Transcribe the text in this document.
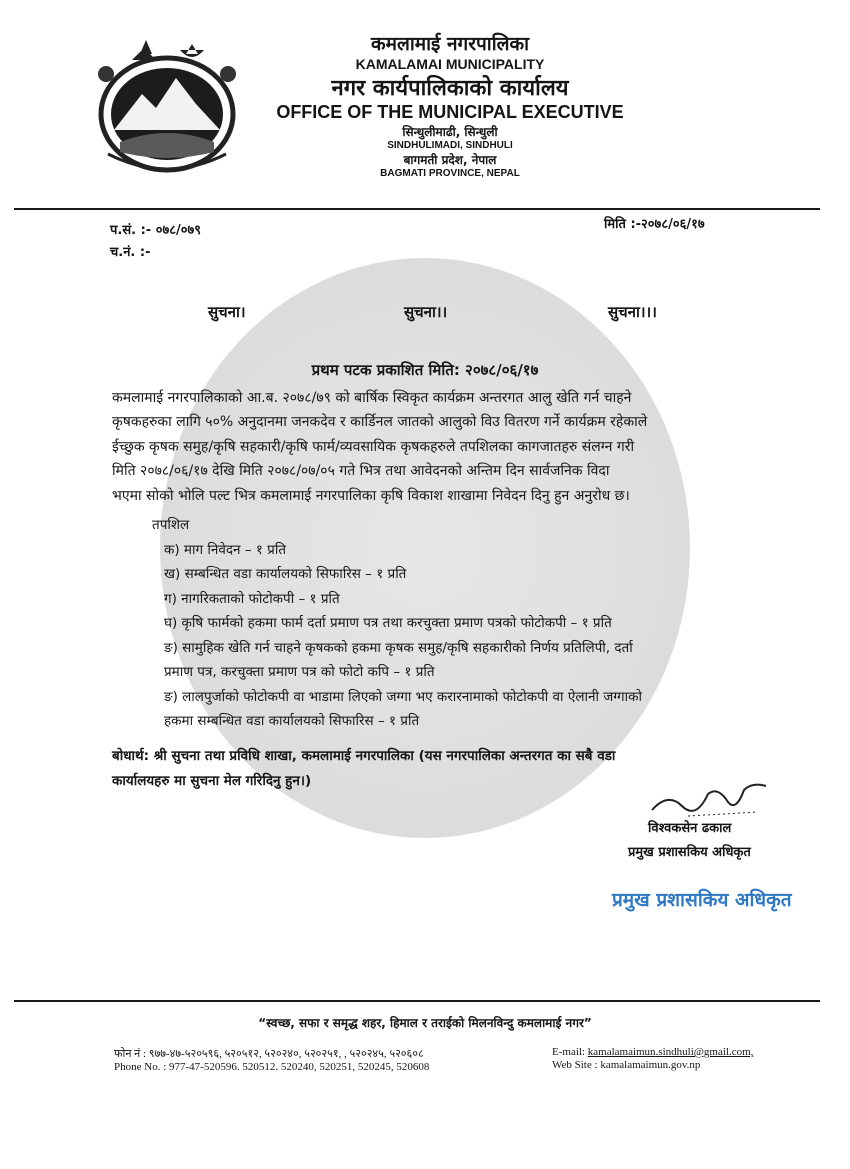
कमलामाई नगरपालिका
KAMALAMAI MUNICIPALITY
नगर कार्यपालिकाको कार्यालय
OFFICE OF THE MUNICIPAL EXECUTIVE
सिन्धुलीमाढी, सिन्धुली
SINDHULIMADI, SINDHULI
बागमती प्रदेश, नेपाल
BAGMATI PROVINCE, NEPAL
प.सं. :- ०७८/०७९
च.नं. :-
मिति :-२०७८/०६/१७
सुचना।	सुचना।।	सुचना।।।
प्रथम पटक प्रकाशित मिति: २०७८/०६/१७
कमलामाई नगरपालिकाको आ.ब. २०७८/७९ को बार्षिक स्विकृत कार्यक्रम अन्तरगत आलु खेति गर्न चाहने
कृषकहरुका लागि ५०% अनुदानमा जनकदेव र कार्डिनल जातको आलुको विउ वितरण गर्ने कार्यक्रम रहेकाले
ईच्छुक कृषक समुह/कृषि सहकारी/कृषि फार्म/व्यवसायिक कृषकहरुले तपशिलका कागजातहरु संलग्न गरी
मिति २०७८/०६/१७ देखि मिति २०७८/०७/०५ गते भित्र तथा आवेदनको अन्तिम दिन सार्वजनिक विदा
भएमा सोको भोलि पल्ट भित्र कमलामाई नगरपालिका कृषि विकाश शाखामा निवेदन दिनु हुन अनुरोध छ।
तपशिल
क) माग निवेदन – १ प्रति
ख) सम्बन्धित वडा कार्यालयको सिफारिस – १ प्रति
ग) नागरिकताको फोटोकपी – १ प्रति
घ) कृषि फार्मको हकमा फार्म दर्ता प्रमाण पत्र तथा करचुक्ता प्रमाण पत्रको फोटोकपी – १ प्रति
ङ) सामुहिक खेति गर्न चाहने कृषकको हकमा कृषक समुह/कृषि सहकारीको निर्णय प्रतिलिपी, दर्ता
प्रमाण पत्र, करचुक्ता प्रमाण पत्र को फोटो कपि – १ प्रति
ङ) लालपुर्जाको फोटोकपी वा भाडामा लिएको जग्गा भए करारनामाको फोटोकपी वा ऐलानी जग्गाको
हकमा सम्बन्धित वडा कार्यालयको सिफारिस – १ प्रति
बोधार्थ: श्री सुचना तथा प्रविधि शाखा, कमलामाई नगरपालिका (यस नगरपालिका अन्तरगत का सबै वडा
कार्यालयहरु मा सुचना मेल गरिदिनु हुन।)
विश्वकसेन ढकाल
प्रमुख प्रशासकिय अधिकृत
प्रमुख प्रशासकिय अधिकृत
“स्वच्छ, सफा र समृद्ध शहर, हिमाल र तराईको मिलनविन्दु कमलामाई नगर”
फोन नं : ९७७-४७-५२०५९६, ५२०५१२, ५२०२४०, ५२०२५१, , ५२०२४५, ५२०६०८
Phone No. : 977-47-520596. 520512. 520240, 520251, 520245, 520608
E-mail: kamalamaimun.sindhuli@gmail.com,
Web Site : kamalamaimun.gov.np
